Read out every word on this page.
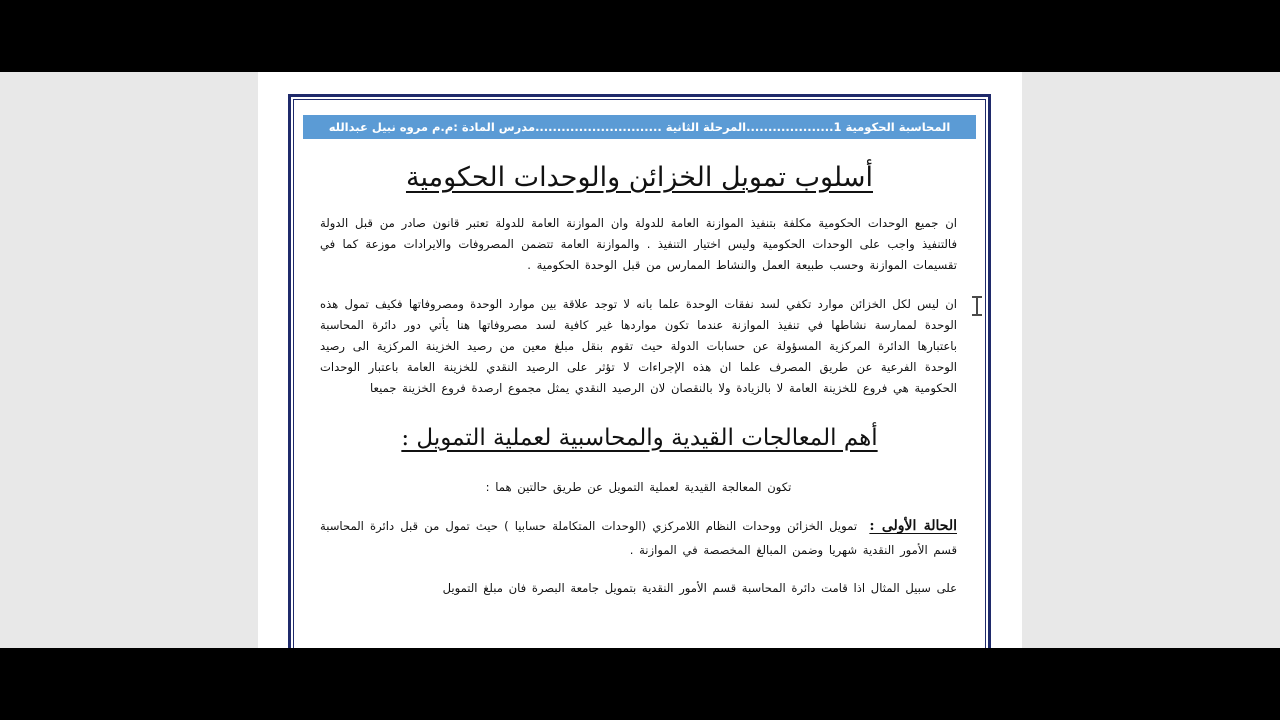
المحاسبة الحكومية 1....................المرحلة الثانية .............................مدرس المادة :م.م مروه نبيل عبدالله
أسلوب تمويل الخزائن والوحدات الحكومية

ان جميع الوحدات الحكومية مكلفة بتنفيذ الموازنة العامة للدولة وان الموازنة العامة للدولة تعتبر قانون صادر من قبل الدولة فالتنفيذ واجب على الوحدات الحكومية وليس اختيار التنفيذ . والموازنة العامة تتضمن المصروفات والايرادات موزعة كما في تقسيمات الموازنة وحسب طبيعة العمل والنشاط الممارس من قبل الوحدة الحكومية .

ان ليس لكل الخزائن موارد تكفي لسد نفقات الوحدة علما بانه لا توجد علاقة بين موارد الوحدة ومصروفاتها فكيف تمول هذه الوحدة لممارسة نشاطها في تنفيذ الموازنة عندما تكون مواردها غير كافية لسد مصروفاتها هنا يأتي دور دائرة المحاسبة باعتبارها الدائرة المركزية المسؤولة عن حسابات الدولة حيث تقوم بنقل مبلغ معين من رصيد الخزينة المركزية الى رصيد الوحدة الفرعية عن طريق المصرف علما ان هذه الإجراءات لا تؤثر على الرصيد النقدي للخزينة العامة باعتبار الوحدات الحكومية هي فروع للخزينة العامة لا بالزيادة ولا بالنقصان لان الرصيد النقدي يمثل مجموع ارصدة فروع الخزينة جميعا

أهم المعالجات القيدية والمحاسبية لعملية التمويل :

تكون المعالجة القيدية لعملية التمويل عن طريق حالتين هما :

الحالة الأولى :  تمويل الخزائن ووحدات النظام اللامركزي (الوحدات المتكاملة حسابيا ) حيث تمول من قبل دائرة المحاسبة قسم الأمور النقدية شهريا وضمن المبالغ المخصصة في الموازنة .

على سبيل المثال اذا قامت دائرة المحاسبة قسم الأمور النقدية بتمويل جامعة البصرة فان مبلغ التمويل
